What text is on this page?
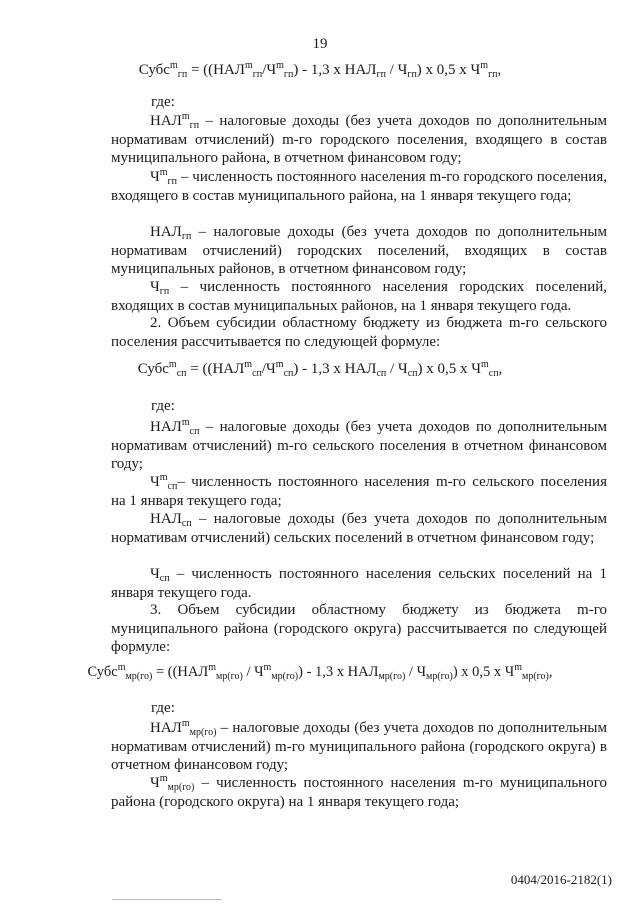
19
Субс$^m_{гп}$ = ($(НАЛ^m_{гп}/Ч^m_{гп}) - 1,3$ х $НАЛ_{гп} / Ч_{гп}$) х 0,5 х $Ч^m_{гп}$,
где:

$НАЛ^m_{гп}$ – налоговые доходы (без учета доходов по дополнительным нормативам отчислений) m-го городского поселения, входящего в состав муниципального района, в отчетном финансовом году;

$Ч^m_{гп}$ – численность постоянного населения m-го городского поселения, входящего в состав муниципального района, на 1 января текущего года;

$НАЛ_{гп}$ – налоговые доходы (без учета доходов по дополнительным нормативам отчислений) городских поселений, входящих в состав муниципальных районов, в отчетном финансовом году;

$Ч_{гп}$ – численность постоянного населения городских поселений, входящих в состав муниципальных районов, на 1 января текущего года.

2. Объем субсидии областному бюджету из бюджета m-го сельского поселения рассчитывается по следующей формуле:

Субс$^m_{сп}$ = ($(НАЛ^m_{сп}/Ч^m_{сп}) - 1,3$ х $НАЛ_{сп} / Ч_{сп}$) х 0,5 х $Ч^m_{сп}$,
где:

$НАЛ^m_{сп}$ – налоговые доходы (без учета доходов по дополнительным нормативам отчислений) m-го сельского поселения в отчетном финансовом году;

$Ч^m_{сп}-$ численность постоянного населения m-го сельского поселения на 1 января текущего года;

$НАЛ_{сп}$ – налоговые доходы (без учета доходов по дополнительным нормативам отчислений) сельских поселений в отчетном финансовом году;

$Ч_{сп}$ – численность постоянного населения сельских поселений на 1 января текущего года.

3. Объем субсидии областному бюджету из бюджета m-го муниципального района (городского округа) рассчитывается по следующей формуле:

Субс$^m_{мр(го)}$ = ($(НАЛ^m_{мр(го)} / Ч^m_{мр(го)}) - 1,3$ х $НАЛ_{мр(го)} / Ч_{мр(го)}$) х 0,5 х $Ч^m_{мр(го)}$,
где:

$НАЛ^m_{мр(го)}$ – налоговые доходы (без учета доходов по дополнительным нормативам отчислений) m-го муниципального района (городского округа) в отчетном финансовом году;

$Ч^m_{мр(го)}$ – численность постоянного населения m-го муниципального района (городского округа) на 1 января текущего года;

0404/2016-2182(1)
